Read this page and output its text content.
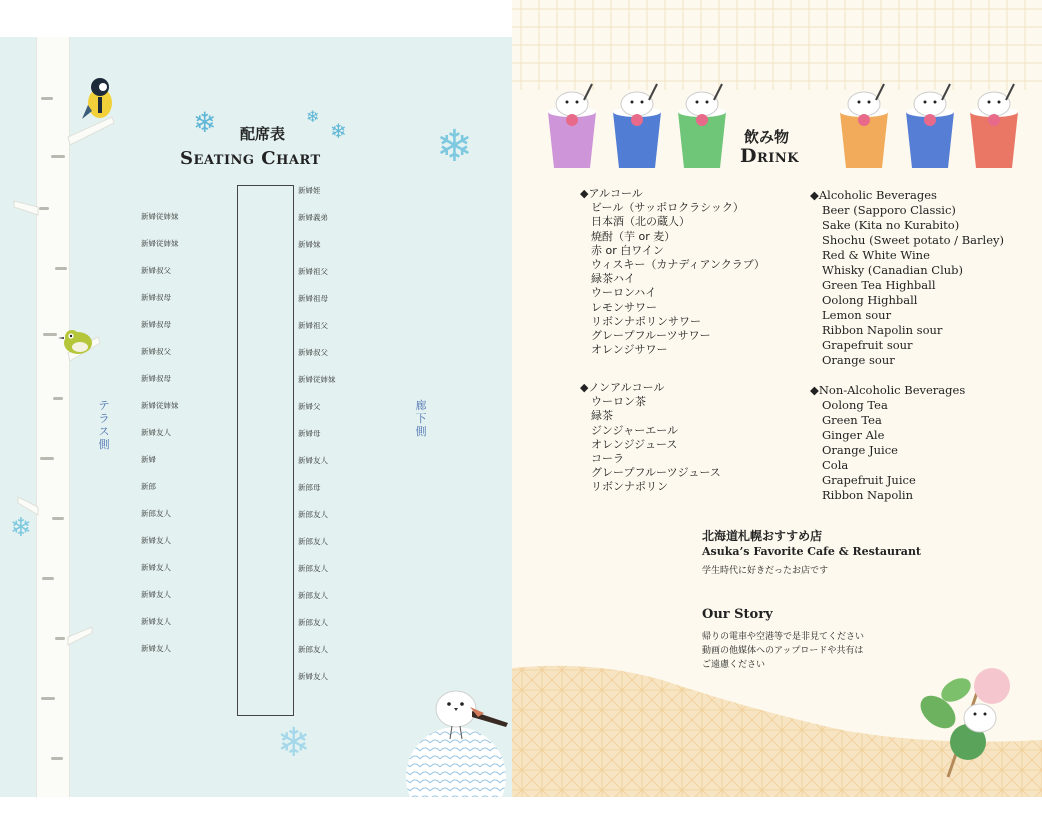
❄	❄
❄ ❄
❄
❄
配席表
Seating Chart
テラス側
廊下側
新婦従姉妹
新婦従姉妹
新婦叔父
新婦叔母
新婦叔母
新婦叔父
新婦叔母
新婦従姉妹
新婦友人
新婦
新郎
新郎友人
新婦友人
新婦友人
新婦友人
新婦友人
新婦友人
新婦姪
新婦義弟
新婦妹
新婦祖父
新婦祖母
新婦祖父
新婦叔父
新婦従姉妹
新婦父
新婦母
新婦友人
新郎母
新郎友人
新郎友人
新郎友人
新郎友人
新郎友人
新郎友人
新婦友人
飲み物
Drink
◆アルコール
ビール（サッポロクラシック）
日本酒（北の蔵人）
焼酎（芋 or 麦）
赤 or 白ワイン
ウィスキー（カナディアンクラブ）
緑茶ハイ
ウーロンハイ
レモンサワー
リボンナポリンサワー
グレープフルーツサワー
オレンジサワー
◆ノンアルコール
ウーロン茶
緑茶
ジンジャーエール
オレンジジュース
コーラ
グレープフルーツジュース
リボンナポリン
◆Alcoholic Beverages
Beer (Sapporo Classic)
Sake (Kita no Kurabito)
Shochu (Sweet potato / Barley)
Red & White Wine
Whisky (Canadian Club)
Green Tea Highball
Oolong Highball
Lemon sour
Ribbon Napolin sour
Grapefruit sour
Orange sour
◆Non-Alcoholic Beverages
Oolong Tea
Green Tea
Ginger Ale
Orange Juice
Cola
Grapefruit Juice
Ribbon Napolin
北海道札幌おすすめ店
Asuka’s Favorite Cafe & Restaurant
学生時代に好きだったお店です
Our Story
帰りの電車や空港等で是非見てください
動画の他媒体へのアップロードや共有は
ご遠慮ください
